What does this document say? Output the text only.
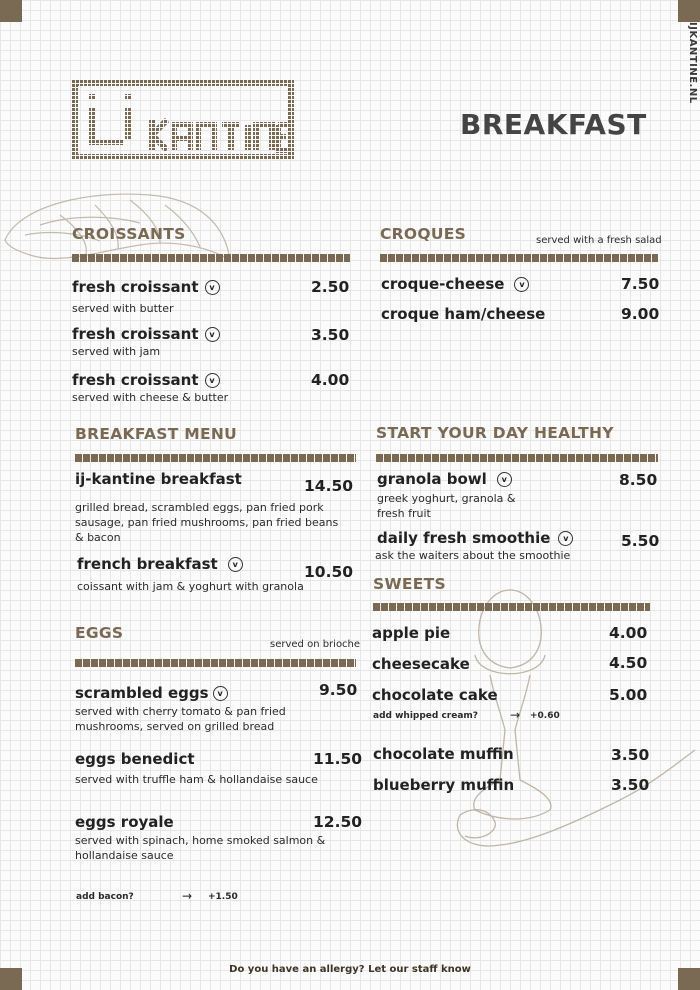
IJKANTINE.NL
BREAKFAST
CROISSANTS
fresh croissant v	2.50
served with butter
fresh croissant v	3.50
served with jam
fresh croissant v	4.00
served with cheese & butter
CROQUES	served with a fresh salad
croque-cheese v	7.50
croque ham/cheese	9.00
BREAKFAST MENU
ij-kantine breakfast	14.50
grilled bread, scrambled eggs, pan fried pork sausage, pan fried mushrooms, pan fried beans & bacon
french breakfast v	10.50
coissant with jam & yoghurt with granola
START YOUR DAY HEALTHY
granola bowl v	8.50
greek yoghurt, granola & fresh fruit
daily fresh smoothie v	5.50
ask the waiters about the smoothie
EGGS
served on brioche
scrambled eggs v	9.50
served with cherry tomato & pan fried mushrooms, served on grilled bread
eggs benedict	11.50
served with truffle ham & hollandaise sauce
eggs royale	12.50
served with spinach, home smoked salmon & hollandaise sauce
add bacon?	→ +1.50
SWEETS
apple pie	4.00
cheesecake	4.50
chocolate cake	5.00
add whipped cream?	→ +0.60
chocolate muffin	3.50
blueberry muffin	3.50
Do you have an allergy? Let our staff know
